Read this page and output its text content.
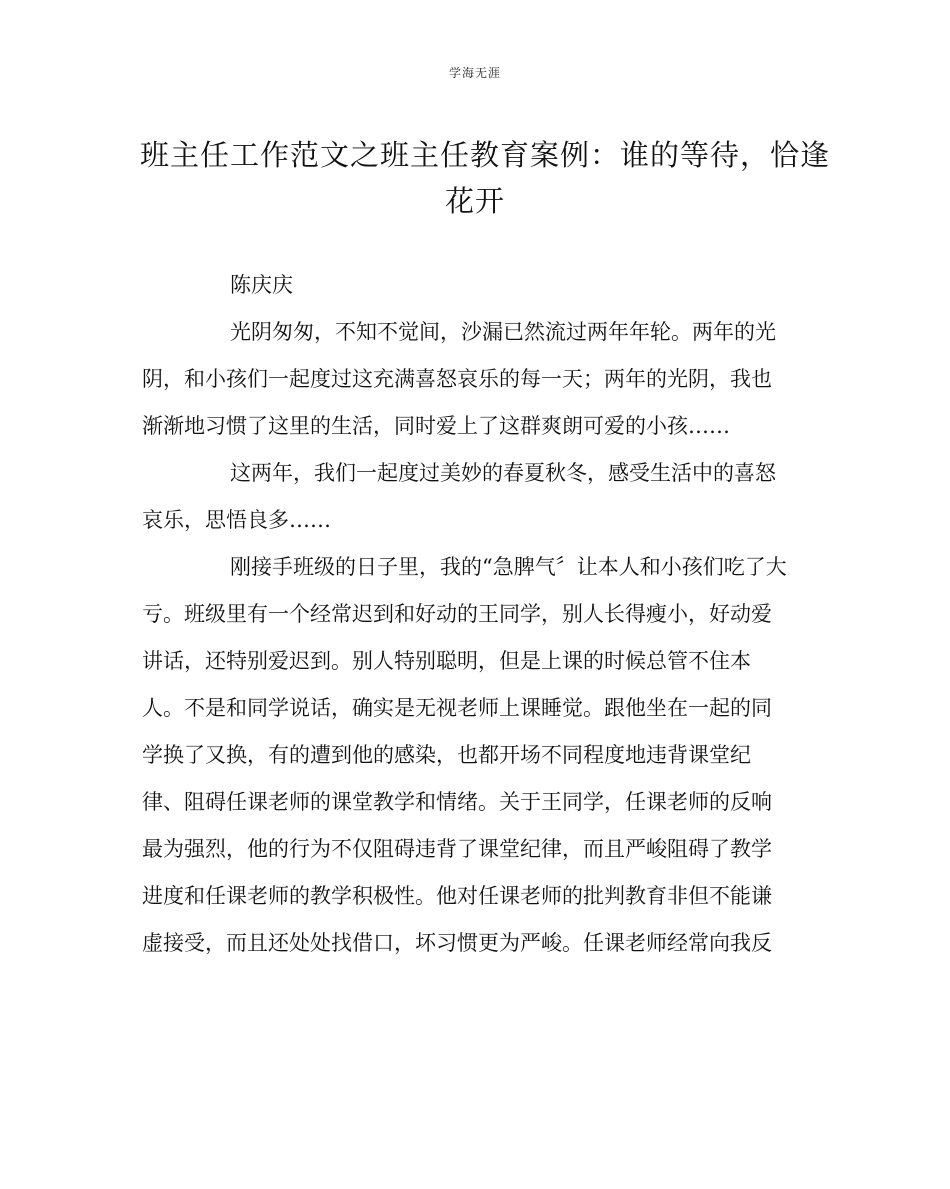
学海无涯
班主任工作范文之班主任教育案例：谁的等待，恰逢
花开

陈庆庆

光阴匆匆，不知不觉间，沙漏已然流过两年年轮。两年的光
阴，和小孩们一起度过这充满喜怒哀乐的每一天；两年的光阴，我也
渐渐地习惯了这里的生活，同时爱上了这群爽朗可爱的小孩……
这两年，我们一起度过美妙的春夏秋冬，感受生活中的喜怒
哀乐，思悟良多……
刚接手班级的日子里，我的“急脾气〞让本人和小孩们吃了大
亏。班级里有一个经常迟到和好动的王同学，别人长得瘦小，好动爱
讲话，还特别爱迟到。别人特别聪明，但是上课的时候总管不住本
人。不是和同学说话，确实是无视老师上课睡觉。跟他坐在一起的同
学换了又换，有的遭到他的感染，也都开场不同程度地违背课堂纪
律、阻碍任课老师的课堂教学和情绪。关于王同学，任课老师的反响
最为强烈，他的行为不仅阻碍违背了课堂纪律，而且严峻阻碍了教学
进度和任课老师的教学积极性。他对任课老师的批判教育非但不能谦
虚接受，而且还处处找借口，坏习惯更为严峻。任课老师经常向我反
